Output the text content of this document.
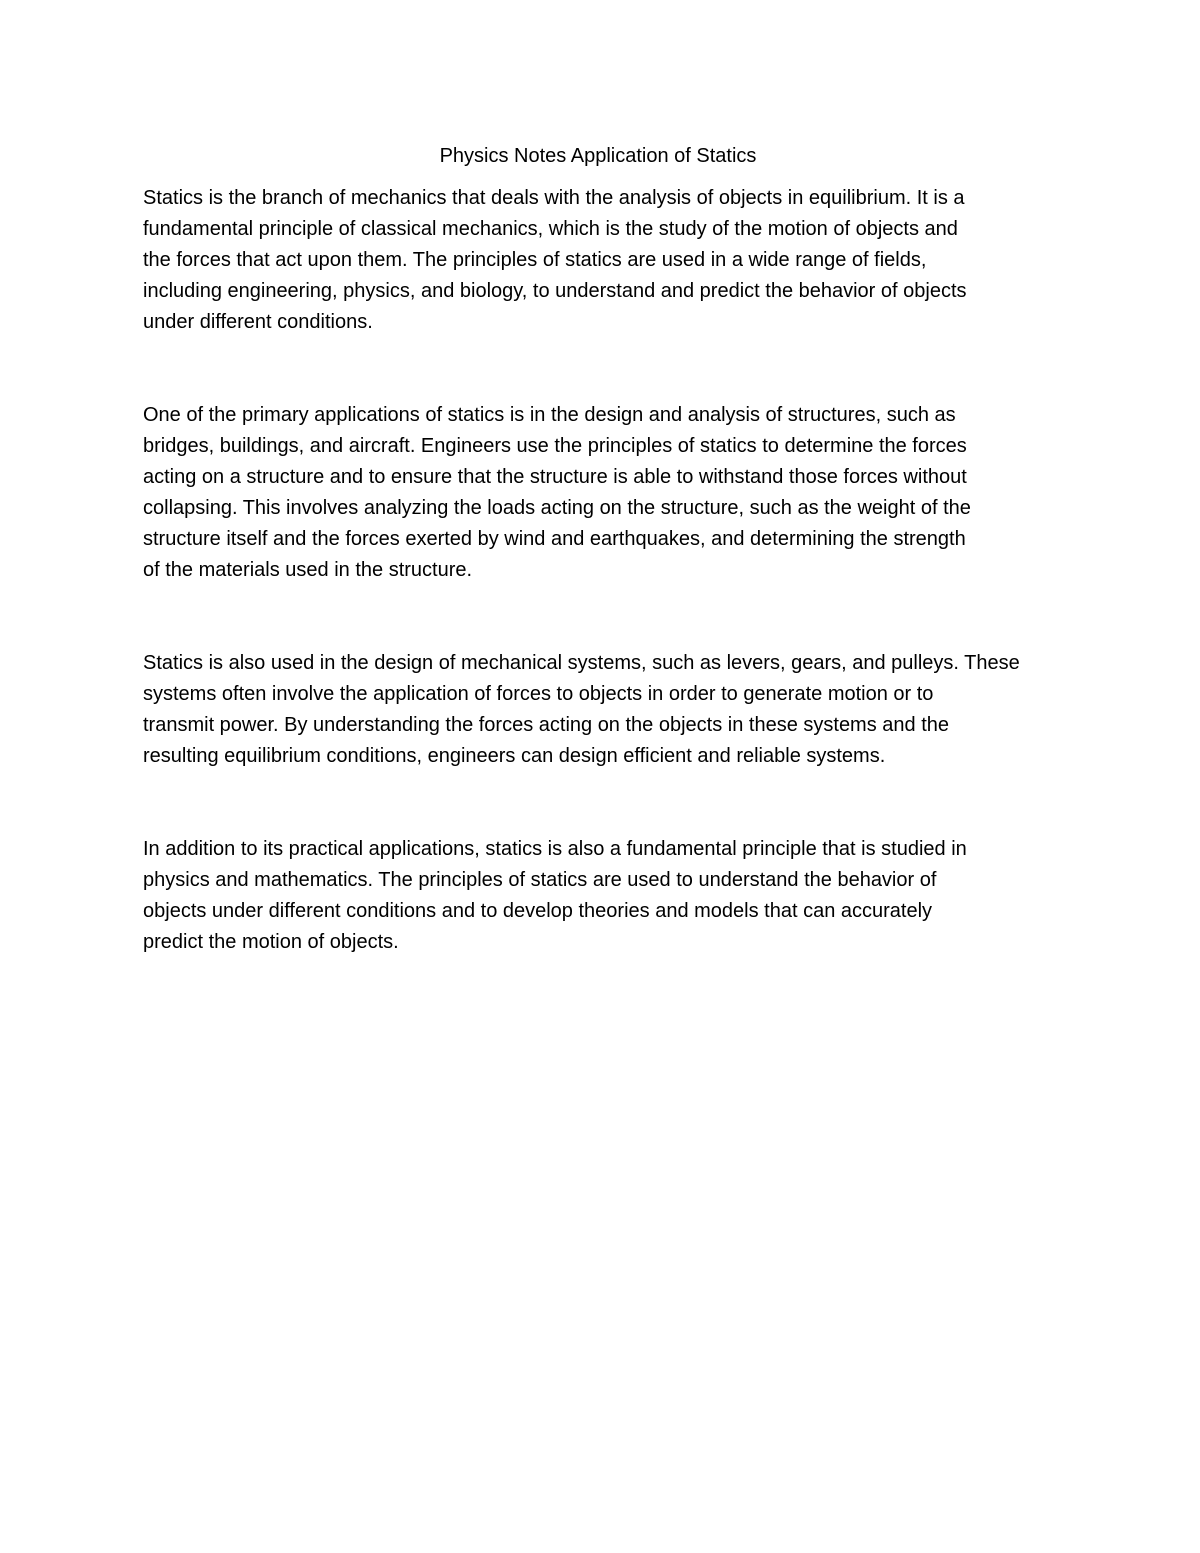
Physics Notes Application of Statics

Statics is the branch of mechanics that deals with the analysis of objects in equilibrium. It is a
fundamental principle of classical mechanics, which is the study of the motion of objects and
the forces that act upon them. The principles of statics are used in a wide range of fields,
including engineering, physics, and biology, to understand and predict the behavior of objects
under different conditions.

One of the primary applications of statics is in the design and analysis of structures, such as
bridges, buildings, and aircraft. Engineers use the principles of statics to determine the forces
acting on a structure and to ensure that the structure is able to withstand those forces without
collapsing. This involves analyzing the loads acting on the structure, such as the weight of the
structure itself and the forces exerted by wind and earthquakes, and determining the strength
of the materials used in the structure.

Statics is also used in the design of mechanical systems, such as levers, gears, and pulleys. These
systems often involve the application of forces to objects in order to generate motion or to
transmit power. By understanding the forces acting on the objects in these systems and the
resulting equilibrium conditions, engineers can design efficient and reliable systems.

In addition to its practical applications, statics is also a fundamental principle that is studied in
physics and mathematics. The principles of statics are used to understand the behavior of
objects under different conditions and to develop theories and models that can accurately
predict the motion of objects.
